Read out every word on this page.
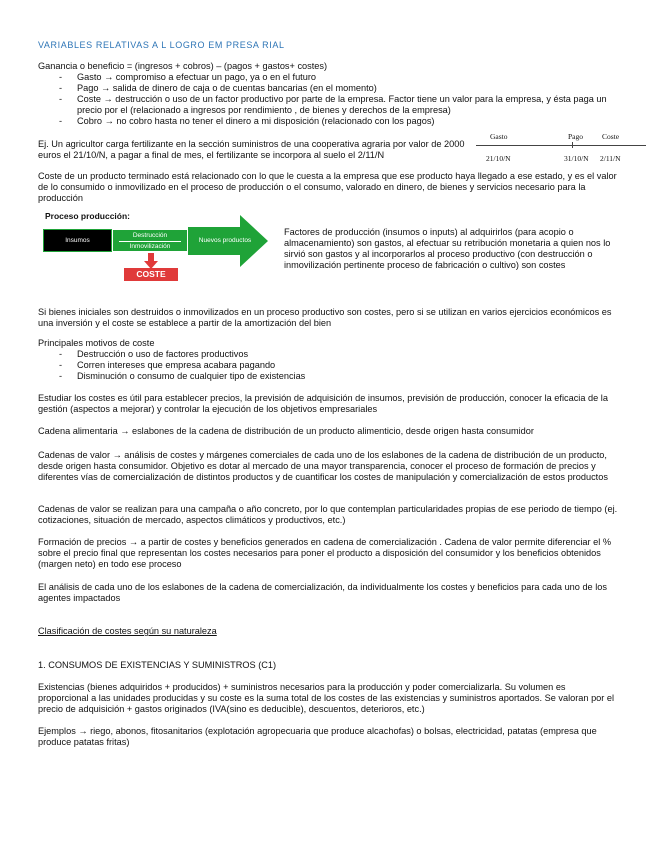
VARIABLES RELATIVAS A L LOGRO EM PRESA RIAL
Ganancia o beneficio = (ingresos + cobros) – (pagos + gastos+ costes)
- Gasto → compromiso a efectuar un pago, ya o en el futuro
- Pago → salida de dinero de caja o de cuentas bancarias (en el momento)
- Coste → destrucción o uso de un factor productivo por parte de la empresa. Factor tiene un valor para la empresa, y ésta paga un precio por el (relacionado a ingresos por rendimiento , de bienes y derechos de la empresa)
- Cobro → no cobro hasta no tener el dinero a mi disposición (relacionado con los pagos)
Ej. Un agricultor carga fertilizante en la sección suministros de una cooperativa agraria por valor de 2000 euros el 21/10/N, a pagar a final de mes, el fertilizante se incorpora al suelo el 2/11/N
Gasto	Pago	Coste
21/10/N	31/10/N 2/11/N
Coste de un producto terminado está relacionado con lo que le cuesta a la empresa que ese producto haya llegado a ese estado, y es el valor de lo consumido o inmovilizado en el proceso de producción o el consumo, valorado en dinero, de bienes y servicios necesario para la producción
Proceso producción:
Insumos
Destrucción
Inmovilización
Nuevos productos
COSTE
Factores de producción (insumos o inputs) al adquirirlos (para acopio o almacenamiento) son gastos, al efectuar su retribución monetaria a quien nos lo sirvió son gastos y al incorporarlos al proceso productivo (con destrucción o inmovilización pertinente proceso de fabricación o cultivo) son costes
Si bienes iniciales son destruidos o inmovilizados en un proceso productivo son costes, pero si se utilizan en varios ejercicios económicos es una inversión y el coste se establece a partir de la amortización del bien
Principales motivos de coste
- Destrucción o uso de factores productivos
- Corren intereses que empresa acabara pagando
- Disminución o consumo de cualquier tipo de existencias
Estudiar los costes es útil para establecer precios, la previsión de adquisición de insumos, previsión de producción, conocer la eficacia de la gestión (aspectos a mejorar) y controlar la ejecución de los objetivos empresariales
Cadena alimentaria → eslabones de la cadena de distribución de un producto alimenticio, desde origen hasta consumidor
Cadenas de valor → análisis de costes y márgenes comerciales de cada uno de los eslabones de la cadena de distribución de un producto, desde origen hasta consumidor. Objetivo es dotar al mercado de una mayor transparencia, conocer el proceso de formación de precios y diferentes vías de comercialización de distintos productos y de cuantificar los costes de manipulación y comercialización de estos productos
Cadenas de valor se realizan para una campaña o año concreto, por lo que contemplan particularidades propias de ese periodo de tiempo (ej. cotizaciones, situación de mercado, aspectos climáticos y productivos, etc.)
Formación de precios → a partir de costes y beneficios generados en cadena de comercialización . Cadena de valor permite diferenciar el % sobre el precio final que representan los costes necesarios para poner el producto a disposición del consumidor y los beneficios obtenidos (margen neto) en todo ese proceso
El análisis de cada uno de los eslabones de la cadena de comercialización, da individualmente los costes y beneficios para cada uno de los agentes impactados
Clasificación de costes según su naturaleza
1. CONSUMOS DE EXISTENCIAS Y SUMINISTROS (C1)
Existencias (bienes adquiridos + producidos) + suministros necesarios para la producción y poder comercializarla. Su volumen es proporcional a las unidades producidas y su coste es la suma total de los costes de las existencias y suministros aportados. Se valoran por el precio de adquisición + gastos originados (IVA(sino es deducible), descuentos, deterioros, etc.)
Ejemplos → riego, abonos, fitosanitarios (explotación agropecuaria que produce alcachofas) o bolsas, electricidad, patatas (empresa que produce patatas fritas)
